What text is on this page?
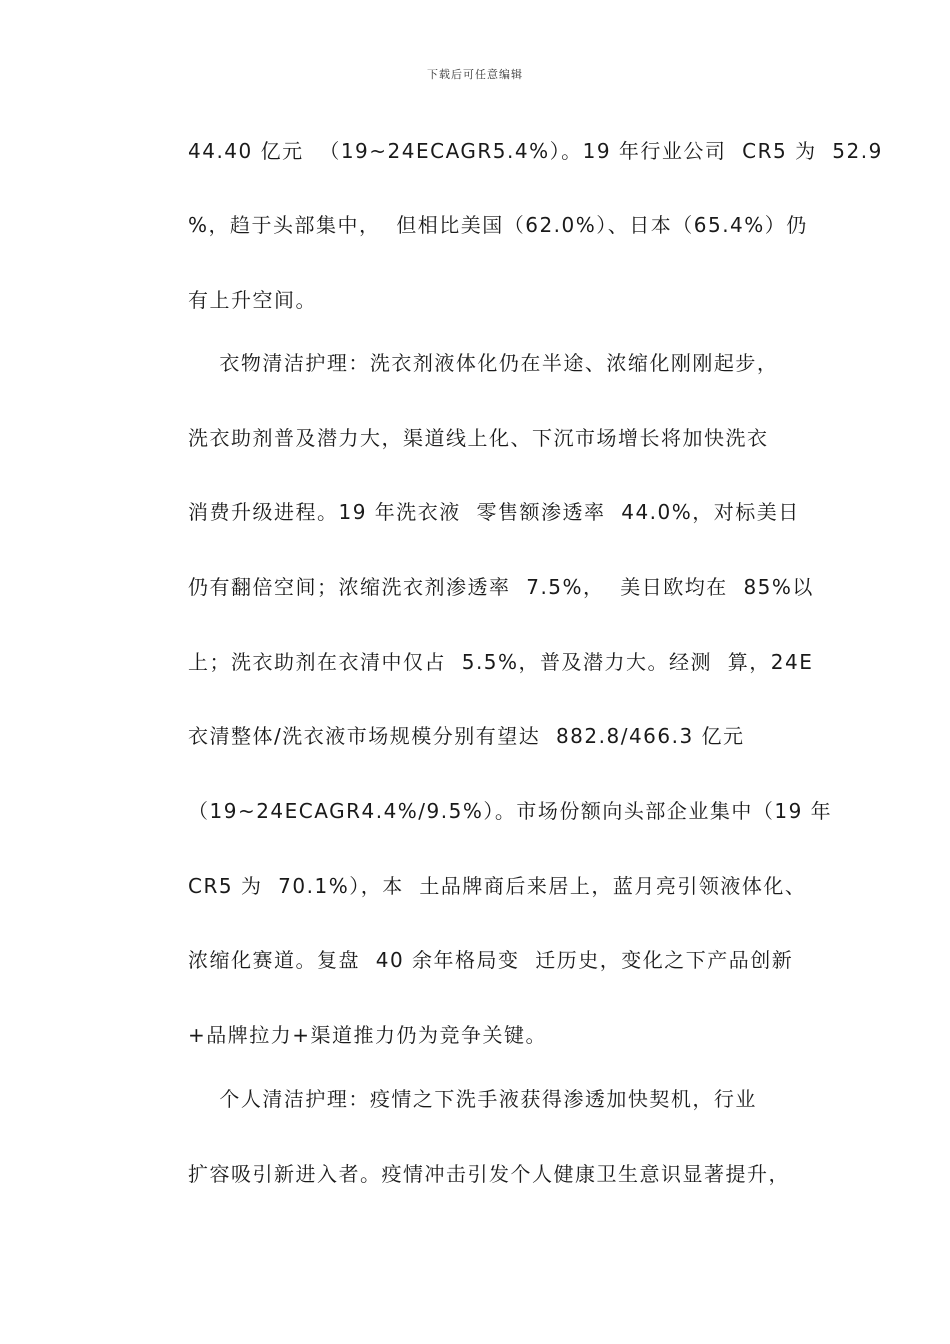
下载后可任意编辑
44.40 亿元  （19~24ECAGR5.4%）。19 年行业公司  CR5 为  52.9
%，趋于头部集中，  但相比美国（62.0%）、日本（65.4%）仍
有上升空间。
衣物清洁护理：洗衣剂液体化仍在半途、浓缩化刚刚起步，
洗衣助剂普及潜力大，渠道线上化、下沉市场增长将加快洗衣
消费升级进程。19 年洗衣液  零售额渗透率  44.0%，对标美日
仍有翻倍空间；浓缩洗衣剂渗透率  7.5%，  美日欧均在  85%以
上；洗衣助剂在衣清中仅占  5.5%，普及潜力大。经测  算，24E
衣清整体/洗衣液市场规模分别有望达  882.8/466.3 亿元
（19~24ECAGR4.4%/9.5%）。市场份额向头部企业集中（19 年
CR5 为  70.1%），本  土品牌商后来居上，蓝月亮引领液体化、
浓缩化赛道。复盘  40 余年格局变  迁历史，变化之下产品创新
+品牌拉力+渠道推力仍为竞争关键。
个人清洁护理：疫情之下洗手液获得渗透加快契机，行业
扩容吸引新进入者。疫情冲击引发个人健康卫生意识显著提升，
